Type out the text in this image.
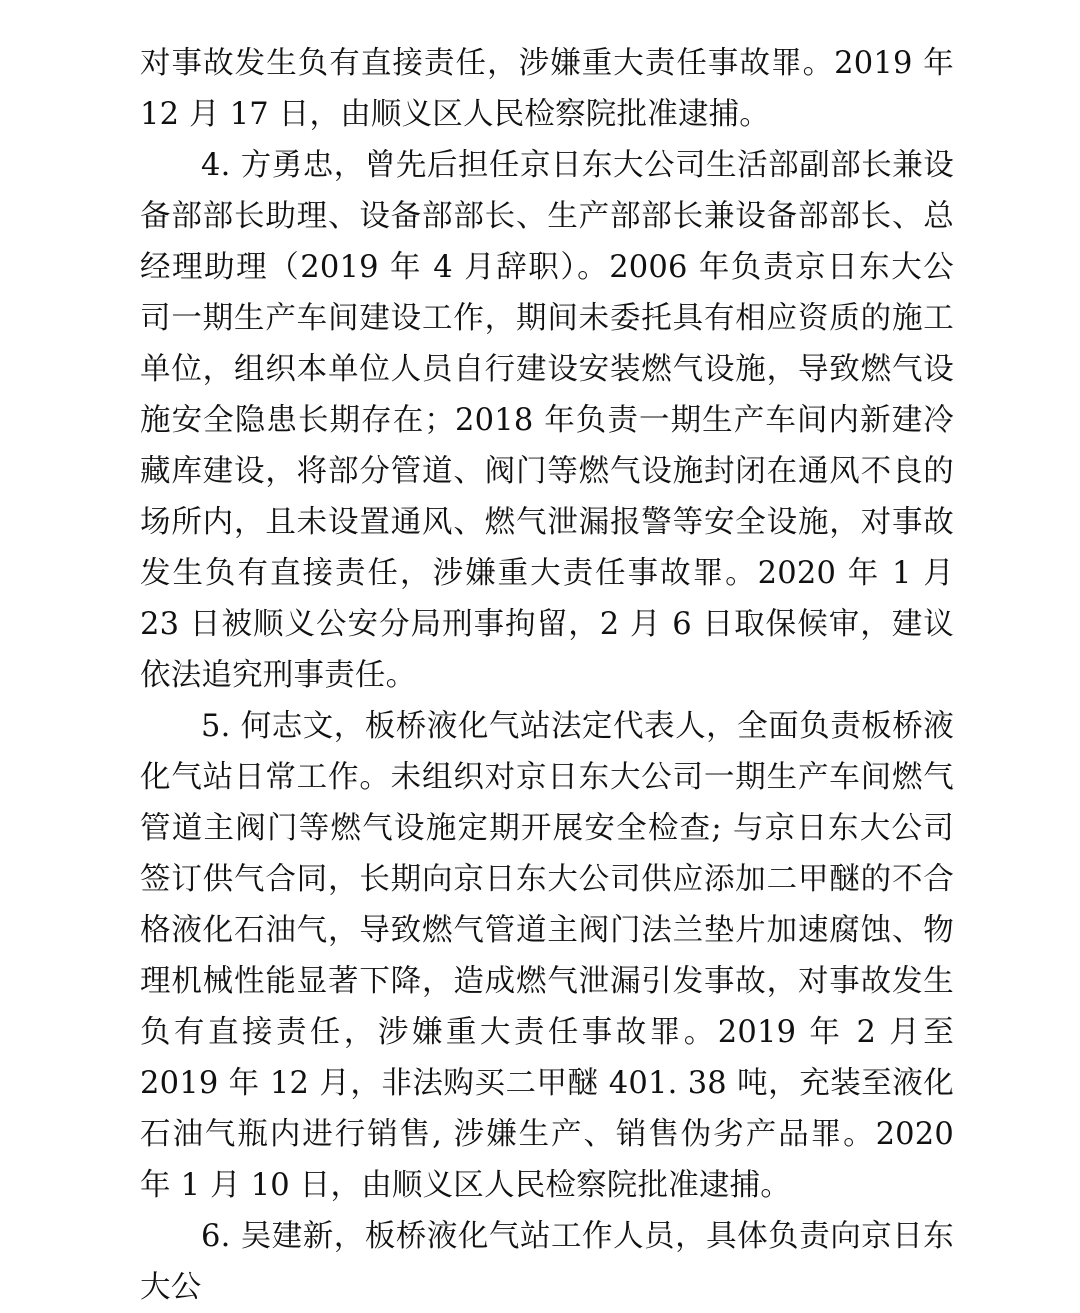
对事故发生负有直接责任，涉嫌重大责任事故罪。2019 年 12 月 17 日，由顺义区人民检察院批准逮捕。

4. 方勇忠，曾先后担任京日东大公司生活部副部长兼设备部部长助理、设备部部长、生产部部长兼设备部部长、总经理助理（2019 年 4 月辞职）。2006 年负责京日东大公司一期生产车间建设工作，期间未委托具有相应资质的施工单位，组织本单位人员自行建设安装燃气设施，导致燃气设施安全隐患长期存在；2018 年负责一期生产车间内新建冷藏库建设，将部分管道、阀门等燃气设施封闭在通风不良的场所内，且未设置通风、燃气泄漏报警等安全设施，对事故发生负有直接责任，涉嫌重大责任事故罪。2020 年 1 月 23 日被顺义公安分局刑事拘留，2 月 6 日取保候审，建议依法追究刑事责任。

5. 何志文，板桥液化气站法定代表人，全面负责板桥液化气站日常工作。未组织对京日东大公司一期生产车间燃气管道主阀门等燃气设施定期开展安全检查; 与京日东大公司签订供气合同，长期向京日东大公司供应添加二甲醚的不合格液化石油气，导致燃气管道主阀门法兰垫片加速腐蚀、物理机械性能显著下降，造成燃气泄漏引发事故，对事故发生负有直接责任，涉嫌重大责任事故罪。2019 年 2 月至 2019 年 12 月，非法购买二甲醚 401. 38 吨，充装至液化石油气瓶内进行销售, 涉嫌生产、销售伪劣产品罪。2020 年 1 月 10 日，由顺义区人民检察院批准逮捕。

6. 吴建新，板桥液化气站工作人员，具体负责向京日东大公
